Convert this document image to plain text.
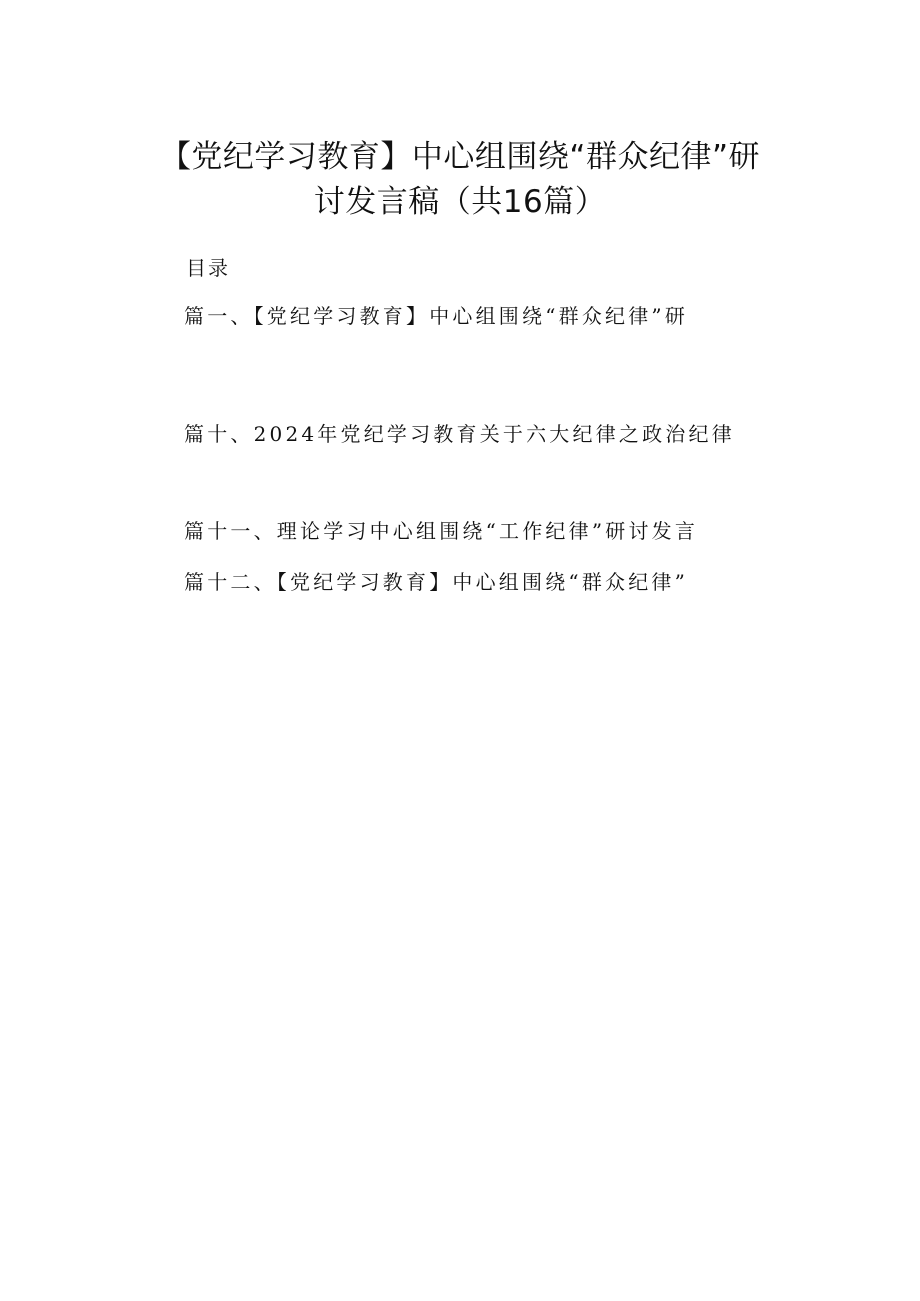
【党纪学习教育】中心组围绕“群众纪律”研
讨发言稿（共16篇）
目录
篇一、【党纪学习教育】中心组围绕“群众纪律”研
篇十、2024年党纪学习教育关于六大纪律之政治纪律
篇十一、理论学习中心组围绕“工作纪律”研讨发言
篇十二、【党纪学习教育】中心组围绕“群众纪律”
